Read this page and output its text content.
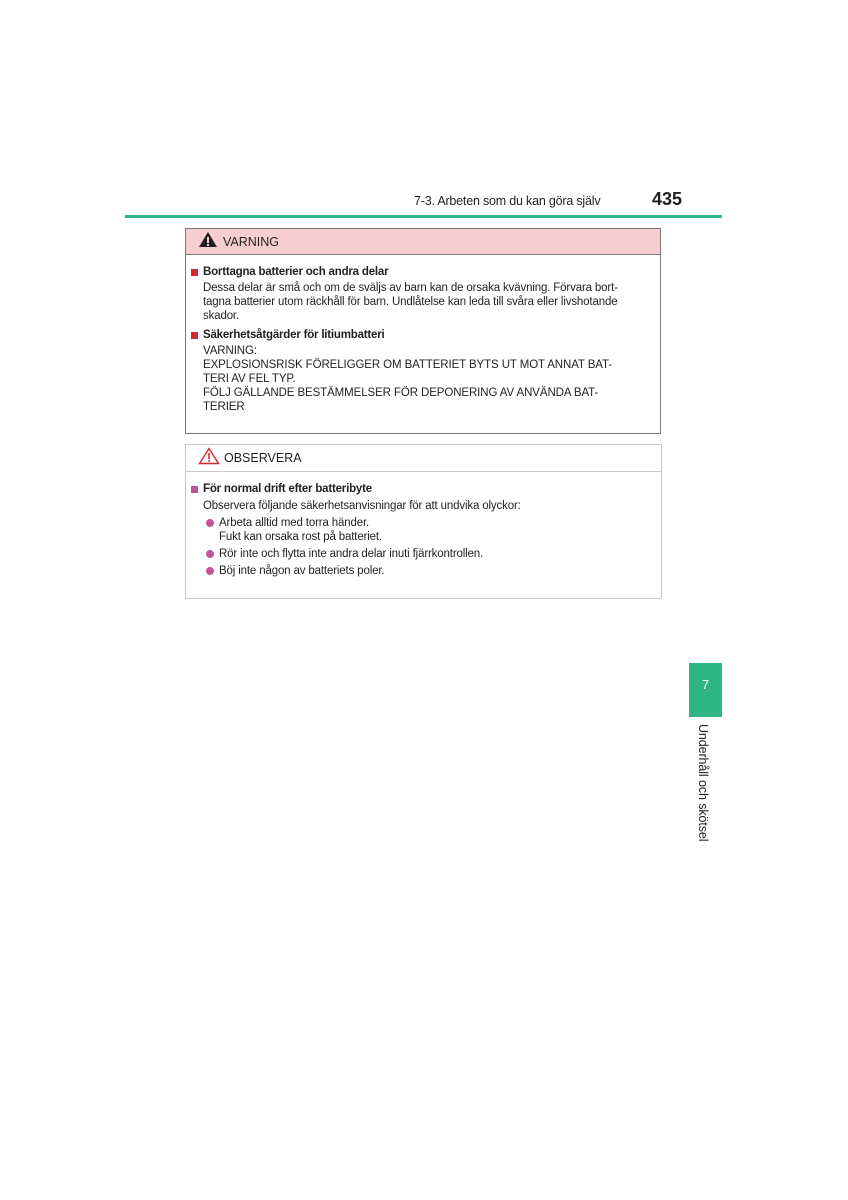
7-3. Arbeten som du kan göra själv	435
VARNING
Borttagna batterier och andra delar
Dessa delar är små och om de sväljs av barn kan de orsaka kvävning. Förvara bort-
tagna batterier utom räckhåll för barn. Undlåtelse kan leda till svåra eller livshotande
skador.
Säkerhetsåtgärder för litiumbatteri
VARNING:
EXPLOSIONSRISK FÖRELIGGER OM BATTERIET BYTS UT MOT ANNAT BAT-
TERI AV FEL TYP.
FÖLJ GÄLLANDE BESTÄMMELSER FÖR DEPONERING AV ANVÄNDA BAT-
TERIER
OBSERVERA
För normal drift efter batteribyte
Observera följande säkerhetsanvisningar för att undvika olyckor:
Arbeta alltid med torra händer.
Fukt kan orsaka rost på batteriet.
Rör inte och flytta inte andra delar inuti fjärrkontrollen.
Böj inte någon av batteriets poler.
7
Underhåll och skötsel
